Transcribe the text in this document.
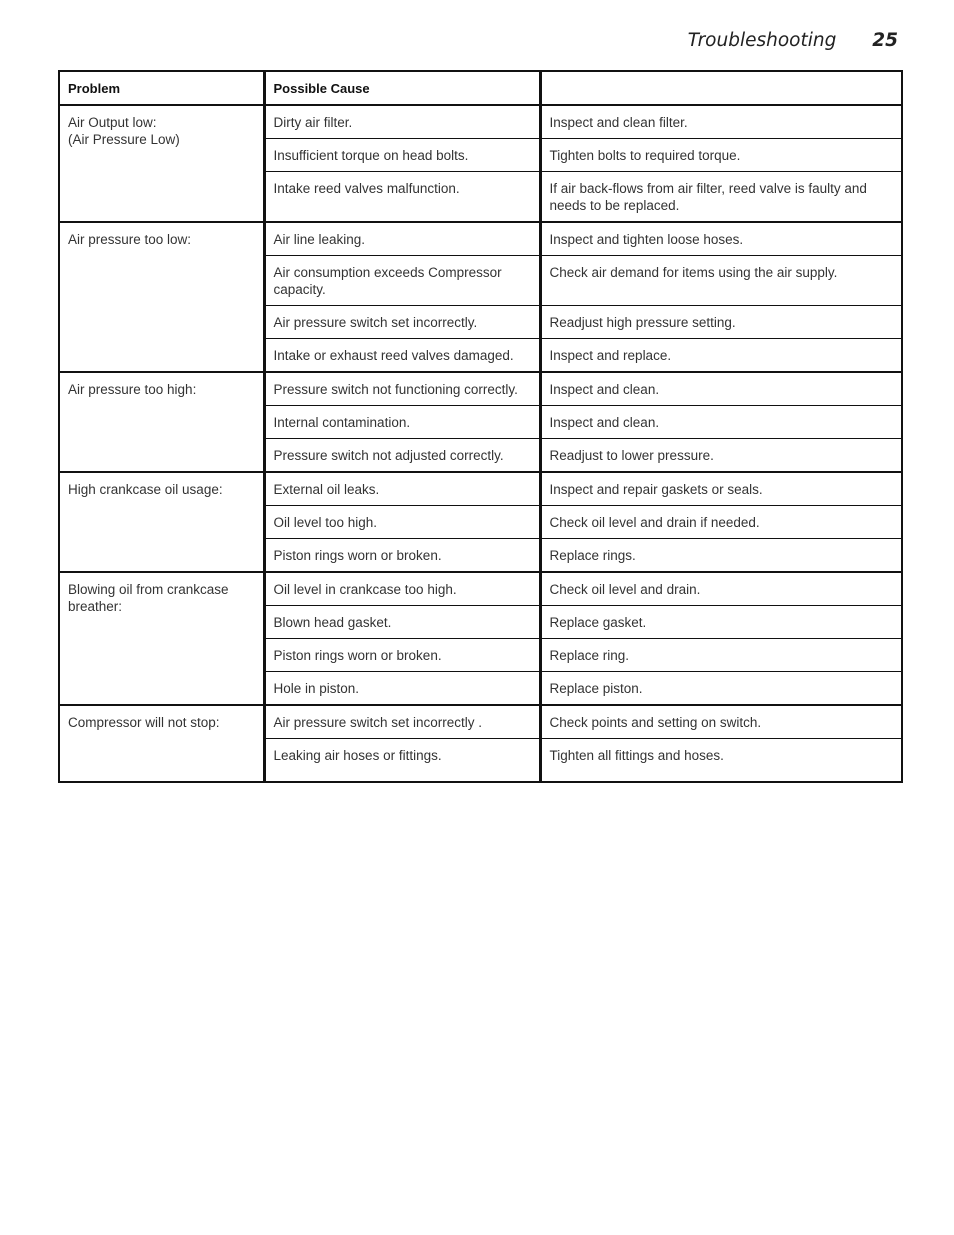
Troubleshooting 25
Problem	Possible Cause	

Air Output low:
(Air Pressure Low)	Dirty air filter.	Inspect and clean filter.
	Insufficient torque on head bolts.	Tighten bolts to required torque.
	Intake reed valves malfunction.	If air back-flows from air filter, reed valve is faulty and needs to be replaced.

Air pressure too low:	Air line leaking.	Inspect and tighten loose hoses.
	Air consumption exceeds Compressor capacity.	Check air demand for items using the air supply.
	Air pressure switch set incorrectly.	Readjust high pressure setting.
	Intake or exhaust reed valves damaged.	Inspect and replace.

Air pressure too high:	Pressure switch not functioning correctly.	Inspect and clean.
	Internal contamination.	Inspect and clean.
	Pressure switch not adjusted correctly.	Readjust to lower pressure.

High crankcase oil usage:	External oil leaks.	Inspect and repair gaskets or seals.
	Oil level too high.	Check oil level and drain if needed.
	Piston rings worn or broken.	Replace rings.

Blowing oil from crankcase breather:	Oil level in crankcase too high.	Check oil level and drain.
	Blown head gasket.	Replace gasket.
	Piston rings worn or broken.	Replace ring.
	Hole in piston.	Replace piston.

Compressor will not stop:	Air pressure switch set incorrectly .	Check points and setting on switch.
	Leaking air hoses or fittings.	Tighten all fittings and hoses.
